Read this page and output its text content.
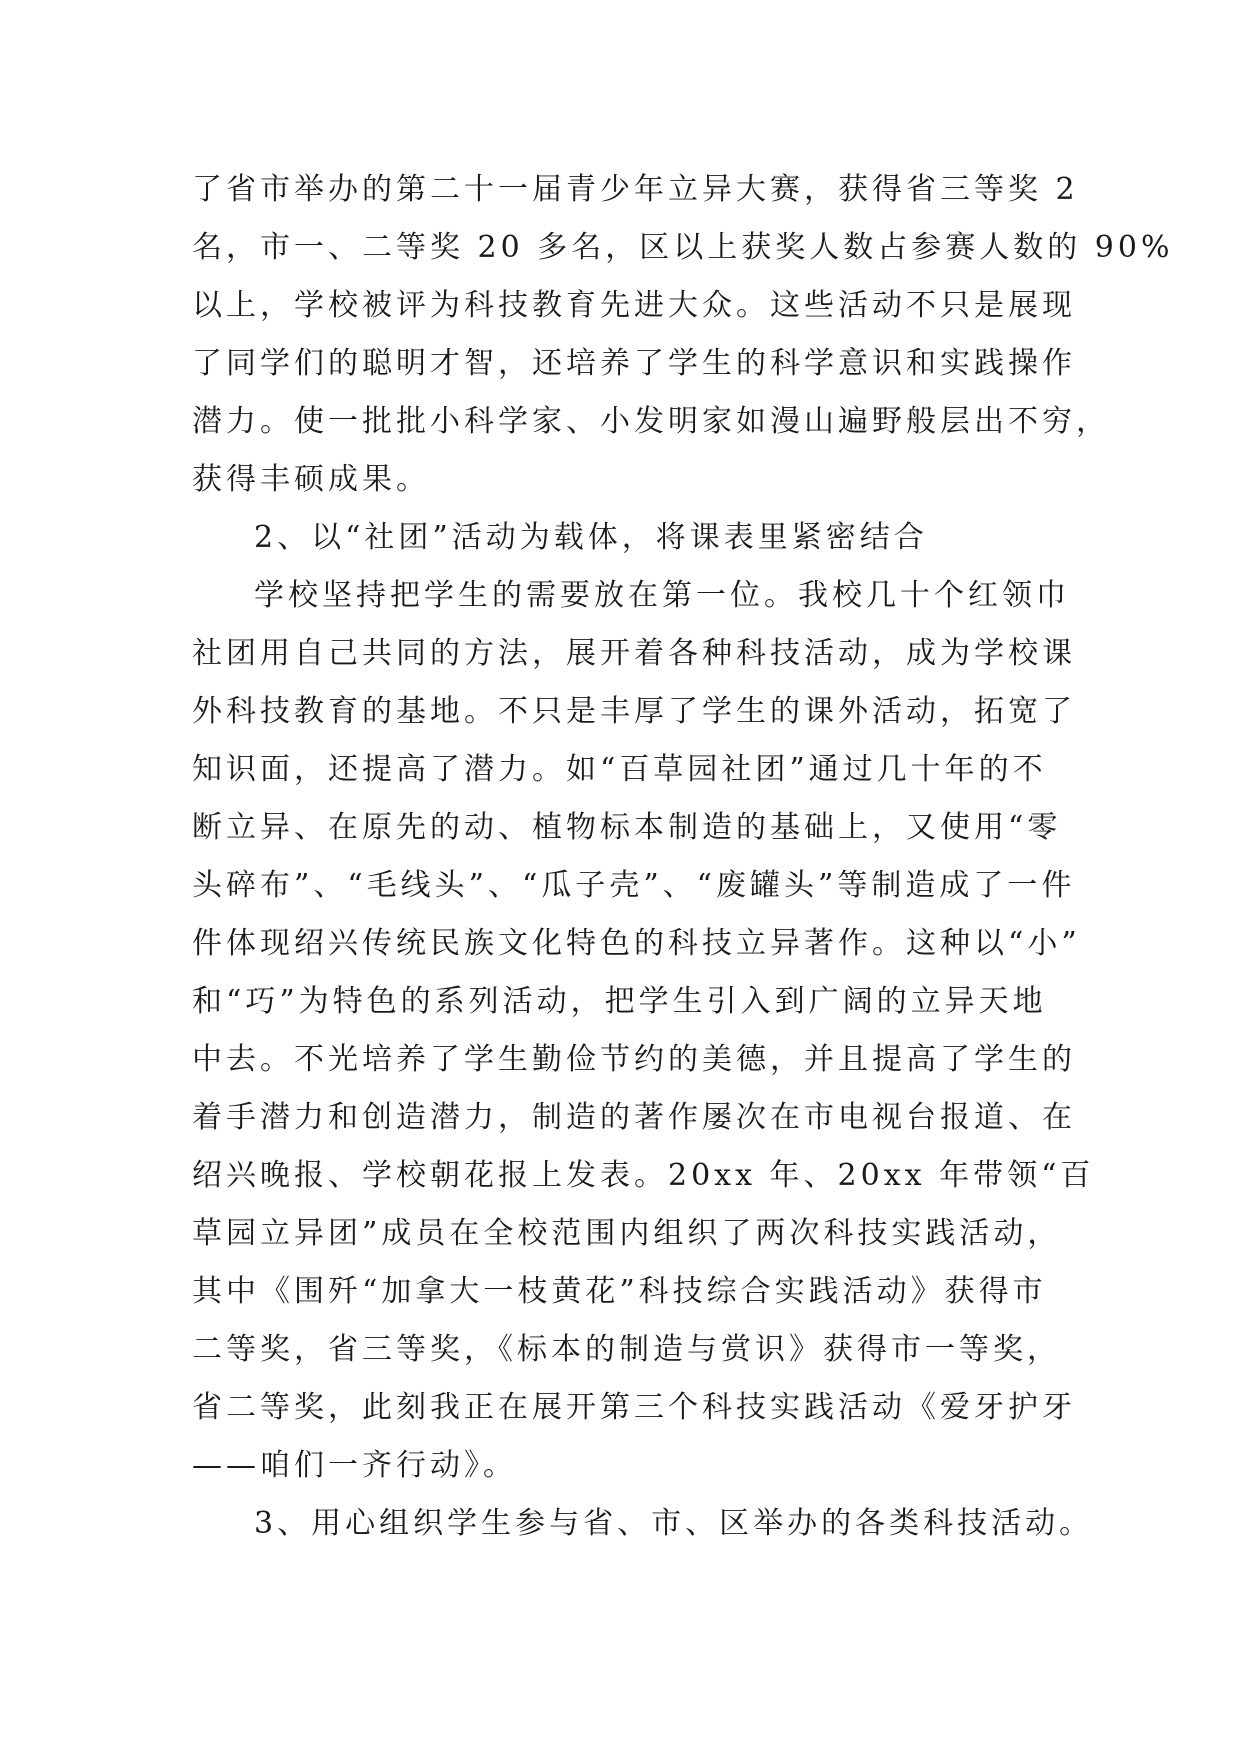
了省市举办的第二十一届青少年立异大赛，获得省三等奖 2
名，市一、二等奖 20 多名，区以上获奖人数占参赛人数的 90%
以上，学校被评为科技教育先进大众。这些活动不只是展现
了同学们的聪明才智，还培养了学生的科学意识和实践操作
潜力。使一批批小科学家、小发明家如漫山遍野般层出不穷，
获得丰硕成果。
2、以“社团”活动为载体，将课表里紧密结合
学校坚持把学生的需要放在第一位。我校几十个红领巾
社团用自己共同的方法，展开着各种科技活动，成为学校课
外科技教育的基地。不只是丰厚了学生的课外活动，拓宽了
知识面，还提高了潜力。如“百草园社团”通过几十年的不
断立异、在原先的动、植物标本制造的基础上，又使用“零
头碎布”、“毛线头”、“瓜子壳”、“废罐头”等制造成了一件
件体现绍兴传统民族文化特色的科技立异著作。这种以“小”
和“巧”为特色的系列活动，把学生引入到广阔的立异天地
中去。不光培养了学生勤俭节约的美德，并且提高了学生的
着手潜力和创造潜力，制造的著作屡次在市电视台报道、在
绍兴晚报、学校朝花报上发表。20xx 年、20xx 年带领“百
草园立异团”成员在全校范围内组织了两次科技实践活动，
其中《围歼“加拿大一枝黄花”科技综合实践活动》获得市
二等奖，省三等奖，《标本的制造与赏识》获得市一等奖，
省二等奖，此刻我正在展开第三个科技实践活动《爱牙护牙
——咱们一齐行动》。
3、用心组织学生参与省、市、区举办的各类科技活动。
